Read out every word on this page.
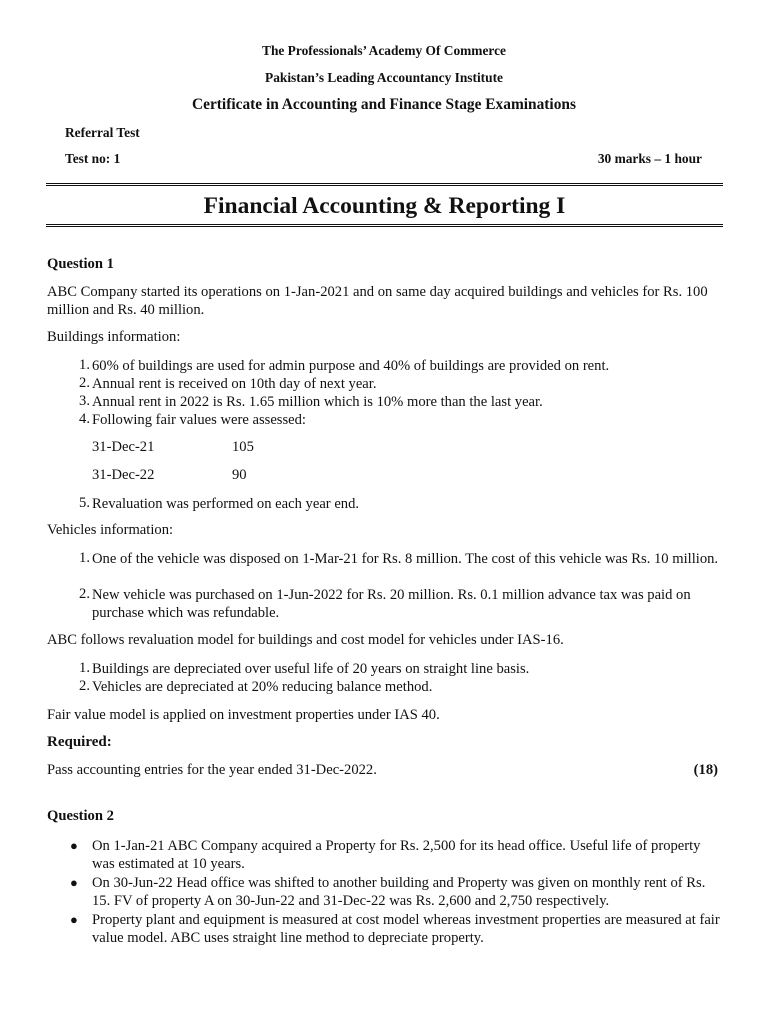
The Professionals’ Academy Of Commerce
Pakistan’s Leading Accountancy Institute
Certificate in Accounting and Finance Stage Examinations
Referral Test
Test no: 1	30 marks – 1 hour
Financial Accounting & Reporting I
Question 1
ABC Company started its operations on 1-Jan-2021 and on same day acquired buildings and vehicles for Rs. 100 million and Rs. 40 million.
Buildings information:
1. 60% of buildings are used for admin purpose and 40% of buildings are provided on rent.
2. Annual rent is received on 10th day of next year.
3. Annual rent in 2022 is Rs. 1.65 million which is 10% more than the last year.
4. Following fair values were assessed:
31-Dec-21	105
31-Dec-22	90
5. Revaluation was performed on each year end.
Vehicles information:
1. One of the vehicle was disposed on 1-Mar-21 for Rs. 8 million. The cost of this vehicle was Rs. 10 million.
2. New vehicle was purchased on 1-Jun-2022 for Rs. 20 million. Rs. 0.1 million advance tax was paid on purchase which was refundable.
ABC follows revaluation model for buildings and cost model for vehicles under IAS-16.
1. Buildings are depreciated over useful life of 20 years on straight line basis.
2. Vehicles are depreciated at 20% reducing balance method.
Fair value model is applied on investment properties under IAS 40.
Required:
Pass accounting entries for the year ended 31-Dec-2022.	(18)
Question 2
● On 1-Jan-21 ABC Company acquired a Property for Rs. 2,500 for its head office. Useful life of property was estimated at 10 years.
● On 30-Jun-22 Head office was shifted to another building and Property was given on monthly rent of Rs. 15. FV of property A on 30-Jun-22 and 31-Dec-22 was Rs. 2,600 and 2,750 respectively.
● Property plant and equipment is measured at cost model whereas investment properties are measured at fair value model. ABC uses straight line method to depreciate property.
